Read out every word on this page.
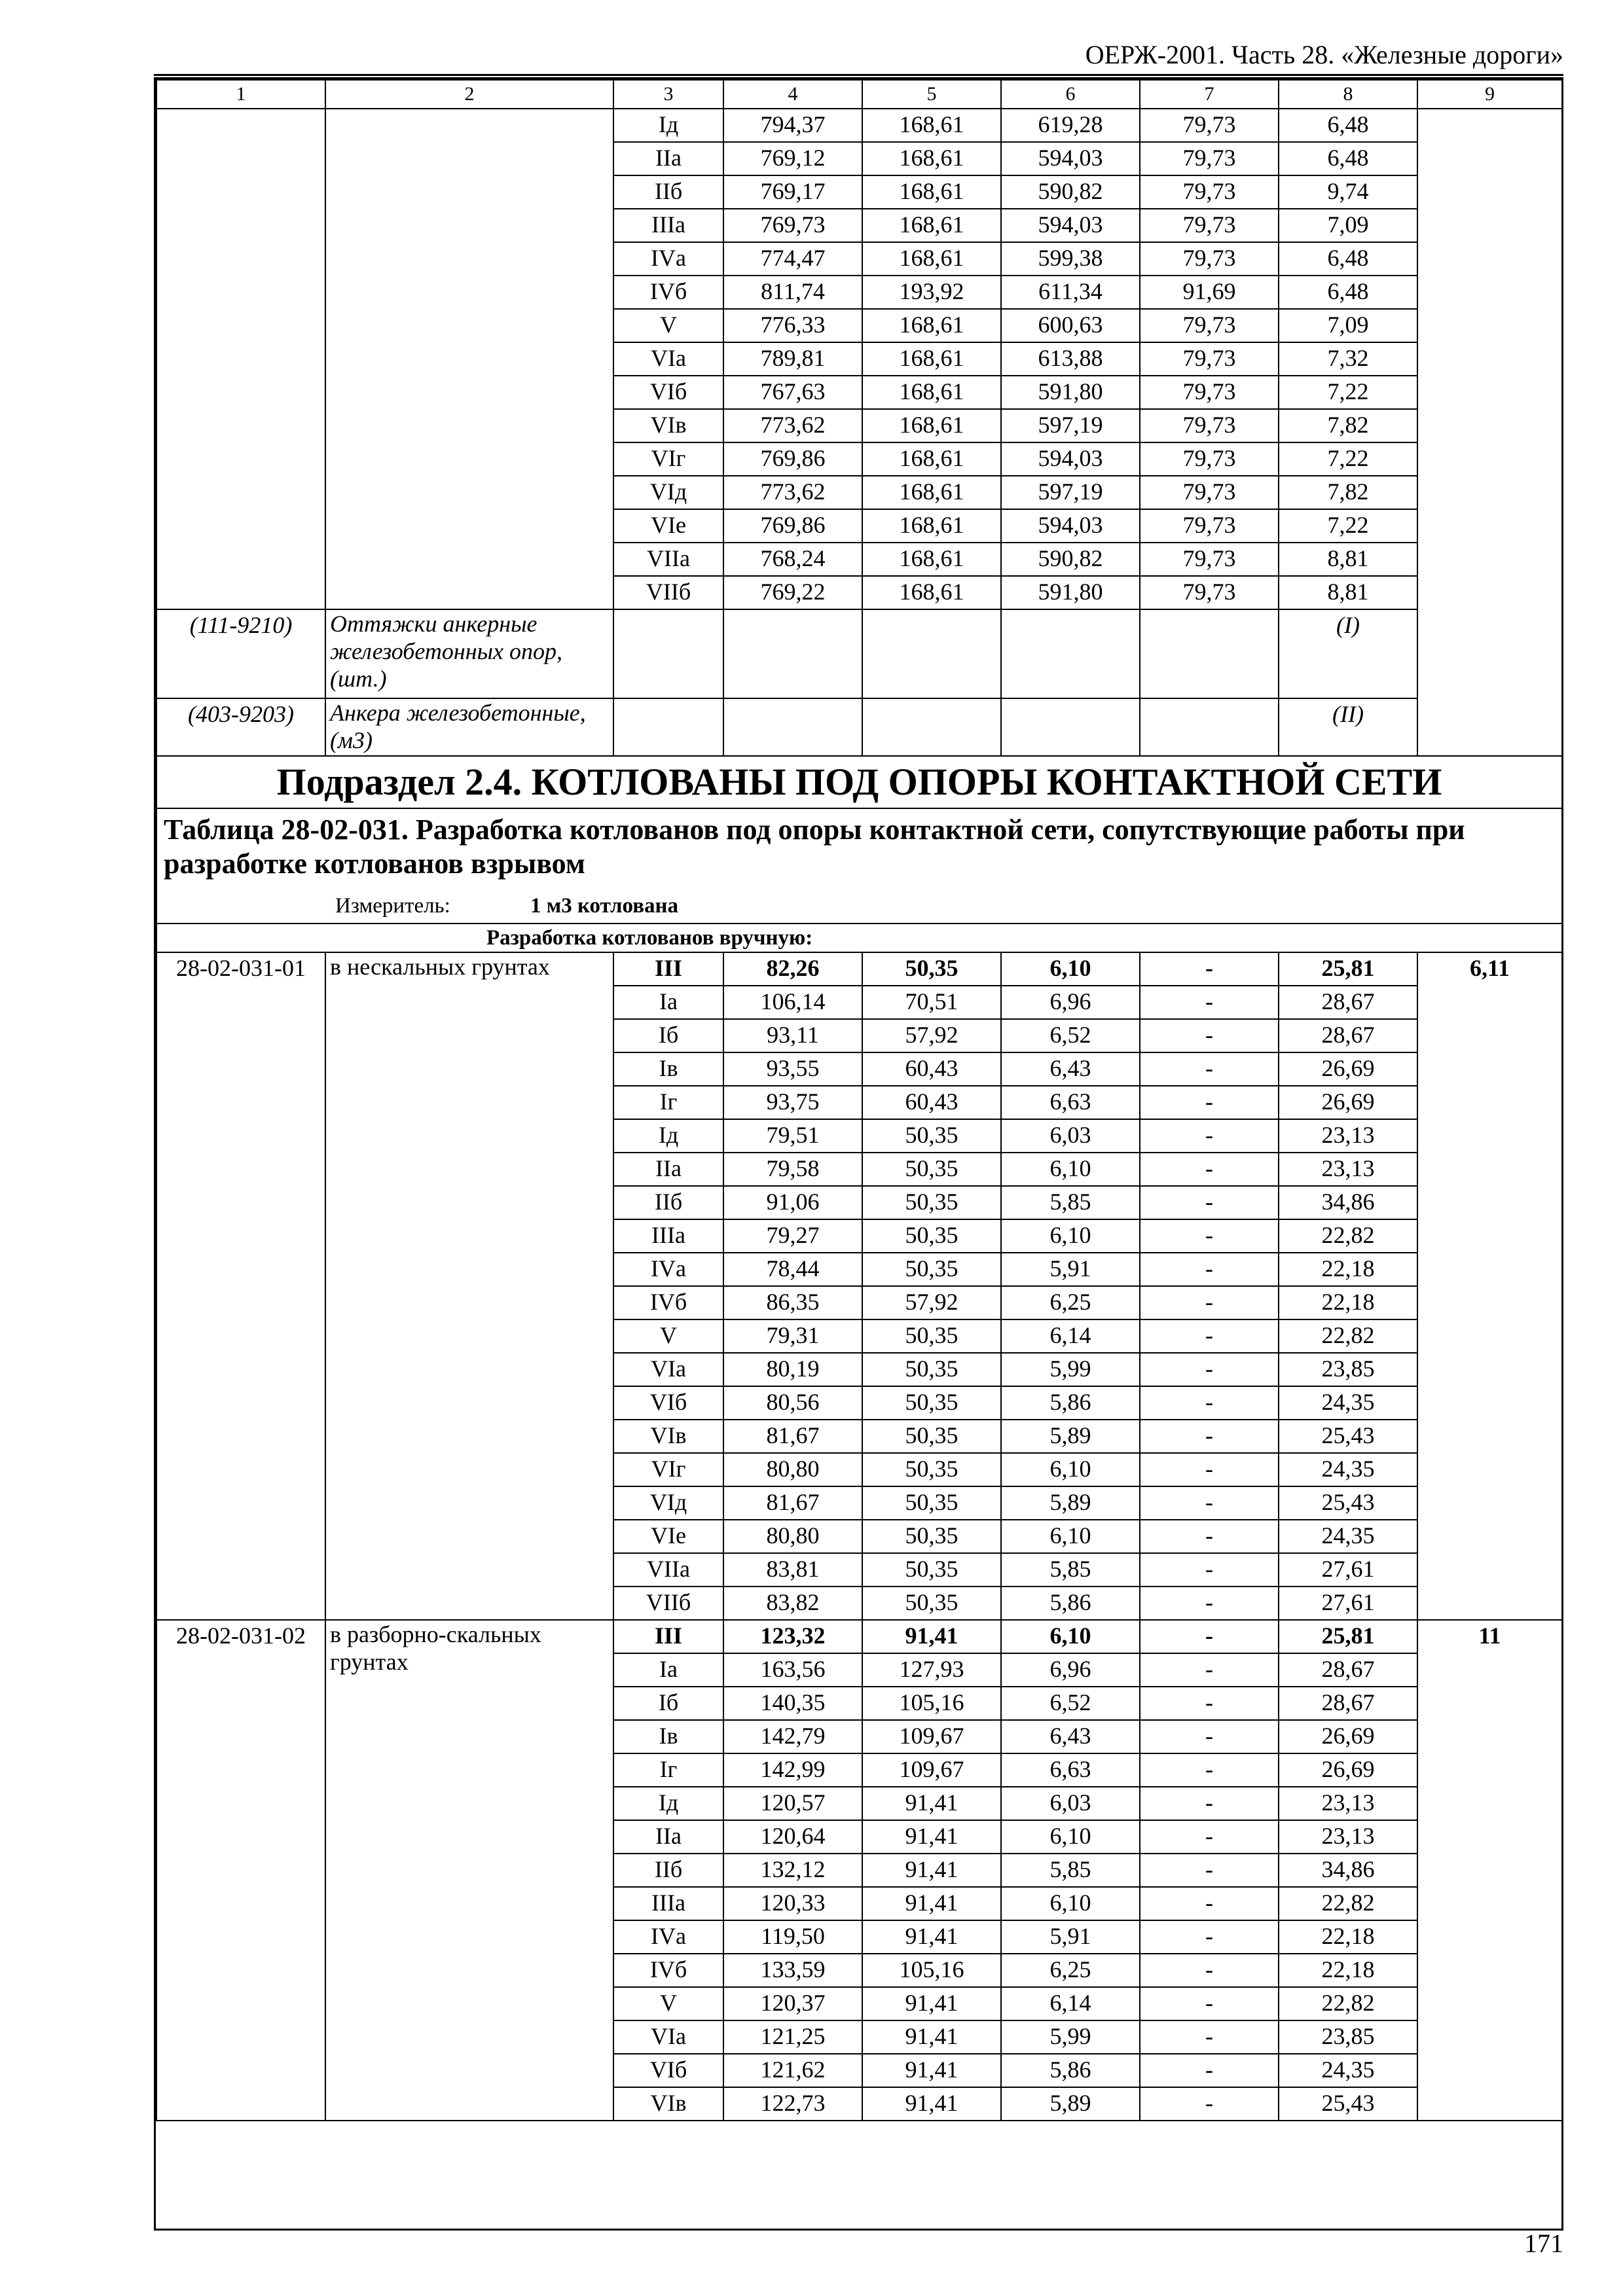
ОЕРЖ-2001. Часть 28. «Железные дороги»
1	2	3	4	5	6	7	8	9
		Iд	794,37	168,61	619,28	79,73	6,48	
		IIа	769,12	168,61	594,03	79,73	6,48	
		IIб	769,17	168,61	590,82	79,73	9,74	
		IIIа	769,73	168,61	594,03	79,73	7,09	
		IVа	774,47	168,61	599,38	79,73	6,48	
		IVб	811,74	193,92	611,34	91,69	6,48	
		V	776,33	168,61	600,63	79,73	7,09	
		VIа	789,81	168,61	613,88	79,73	7,32	
		VIб	767,63	168,61	591,80	79,73	7,22	
		VIв	773,62	168,61	597,19	79,73	7,82	
		VIг	769,86	168,61	594,03	79,73	7,22	
		VIд	773,62	168,61	597,19	79,73	7,82	
		VIе	769,86	168,61	594,03	79,73	7,22	
		VIIа	768,24	168,61	590,82	79,73	8,81	
		VIIб	769,22	168,61	591,80	79,73	8,81	
(111-9210)	Оттяжки анкерные железобетонных опор, (шт.)						(I)	
(403-9203)	Анкера железобетонные, (м3)						(II)	
Подраздел 2.4. КОТЛОВАНЫ ПОД ОПОРЫ КОНТАКТНОЙ СЕТИ								
Таблица 28-02-031. Разработка котлованов под опоры контактной сети, сопутствующие работы при разработке котлованов взрывом
Измеритель: 1 м3 котлована								

Разработка котлованов вручную:								
28-02-031-01	в нескальных грунтах	III	82,26	50,35	6,10	-	25,81	6,11
		Iа	106,14	70,51	6,96	-	28,67	
		Iб	93,11	57,92	6,52	-	28,67	
		Iв	93,55	60,43	6,43	-	26,69	
		Iг	93,75	60,43	6,63	-	26,69	
		Iд	79,51	50,35	6,03	-	23,13	
		IIа	79,58	50,35	6,10	-	23,13	
		IIб	91,06	50,35	5,85	-	34,86	
		IIIа	79,27	50,35	6,10	-	22,82	
		IVа	78,44	50,35	5,91	-	22,18	
		IVб	86,35	57,92	6,25	-	22,18	
		V	79,31	50,35	6,14	-	22,82	
		VIа	80,19	50,35	5,99	-	23,85	
		VIб	80,56	50,35	5,86	-	24,35	
		VIв	81,67	50,35	5,89	-	25,43	
		VIг	80,80	50,35	6,10	-	24,35	
		VIд	81,67	50,35	5,89	-	25,43	
		VIе	80,80	50,35	6,10	-	24,35	
		VIIа	83,81	50,35	5,85	-	27,61	
		VIIб	83,82	50,35	5,86	-	27,61	
28-02-031-02	в разборно-скальных грунтах	III	123,32	91,41	6,10	-	25,81	11
		Iа	163,56	127,93	6,96	-	28,67	
		Iб	140,35	105,16	6,52	-	28,67	
		Iв	142,79	109,67	6,43	-	26,69	
		Iг	142,99	109,67	6,63	-	26,69	
		Iд	120,57	91,41	6,03	-	23,13	
		IIа	120,64	91,41	6,10	-	23,13	
		IIб	132,12	91,41	5,85	-	34,86	
		IIIа	120,33	91,41	6,10	-	22,82	
		IVа	119,50	91,41	5,91	-	22,18	
		IVб	133,59	105,16	6,25	-	22,18	
		V	120,37	91,41	6,14	-	22,82	
		VIа	121,25	91,41	5,99	-	23,85	
		VIб	121,62	91,41	5,86	-	24,35	
		VIв	122,73	91,41	5,89	-	25,43	
171
